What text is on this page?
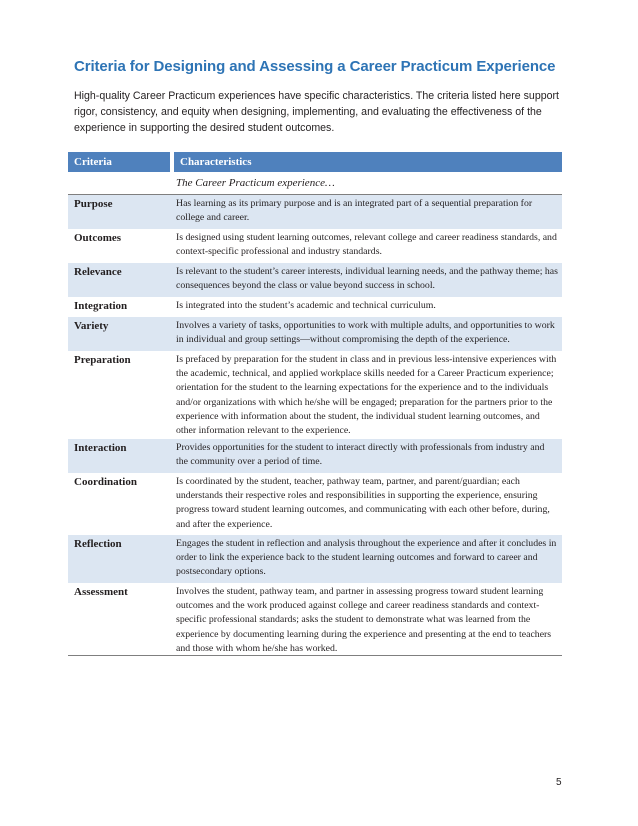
Criteria for Designing and Assessing a Career Practicum Experience

High-quality Career Practicum experiences have specific characteristics. The criteria listed here support rigor, consistency, and equity when designing, implementing, and evaluating the effectiveness of the experience in supporting the desired student outcomes.

Criteria	Characteristics
The Career Practicum experience…
Purpose	Has learning as its primary purpose and is an integrated part of a sequential preparation for college and career.
Outcomes	Is designed using student learning outcomes, relevant college and career readiness standards, and context-specific professional and industry standards.
Relevance	Is relevant to the student’s career interests, individual learning needs, and the pathway theme; has consequences beyond the class or value beyond success in school.
Integration	Is integrated into the student’s academic and technical curriculum.
Variety	Involves a variety of tasks, opportunities to work with multiple adults, and opportunities to work in individual and group settings—without compromising the depth of the experience.
Preparation	Is prefaced by preparation for the student in class and in previous less-intensive experiences with the academic, technical, and applied workplace skills needed for a Career Practicum experience; orientation for the student to the learning expectations for the experience and to the individuals and/or organizations with which he/she will be engaged; preparation for the partners prior to the experience with information about the student, the individual student learning outcomes, and other information relevant to the experience.
Interaction	Provides opportunities for the student to interact directly with professionals from industry and the community over a period of time.
Coordination	Is coordinated by the student, teacher, pathway team, partner, and parent/guardian; each understands their respective roles and responsibilities in supporting the experience, ensuring progress toward student learning outcomes, and communicating with each other before, during, and after the experience.
Reflection	Engages the student in reflection and analysis throughout the experience and after it concludes in order to link the experience back to the student learning outcomes and forward to career and postsecondary options.
Assessment	Involves the student, pathway team, and partner in assessing progress toward student learning outcomes and the work produced against college and career readiness standards and context-specific professional standards; asks the student to demonstrate what was learned from the experience by documenting learning during the experience and presenting at the end to teachers and those with whom he/she has worked.
5
